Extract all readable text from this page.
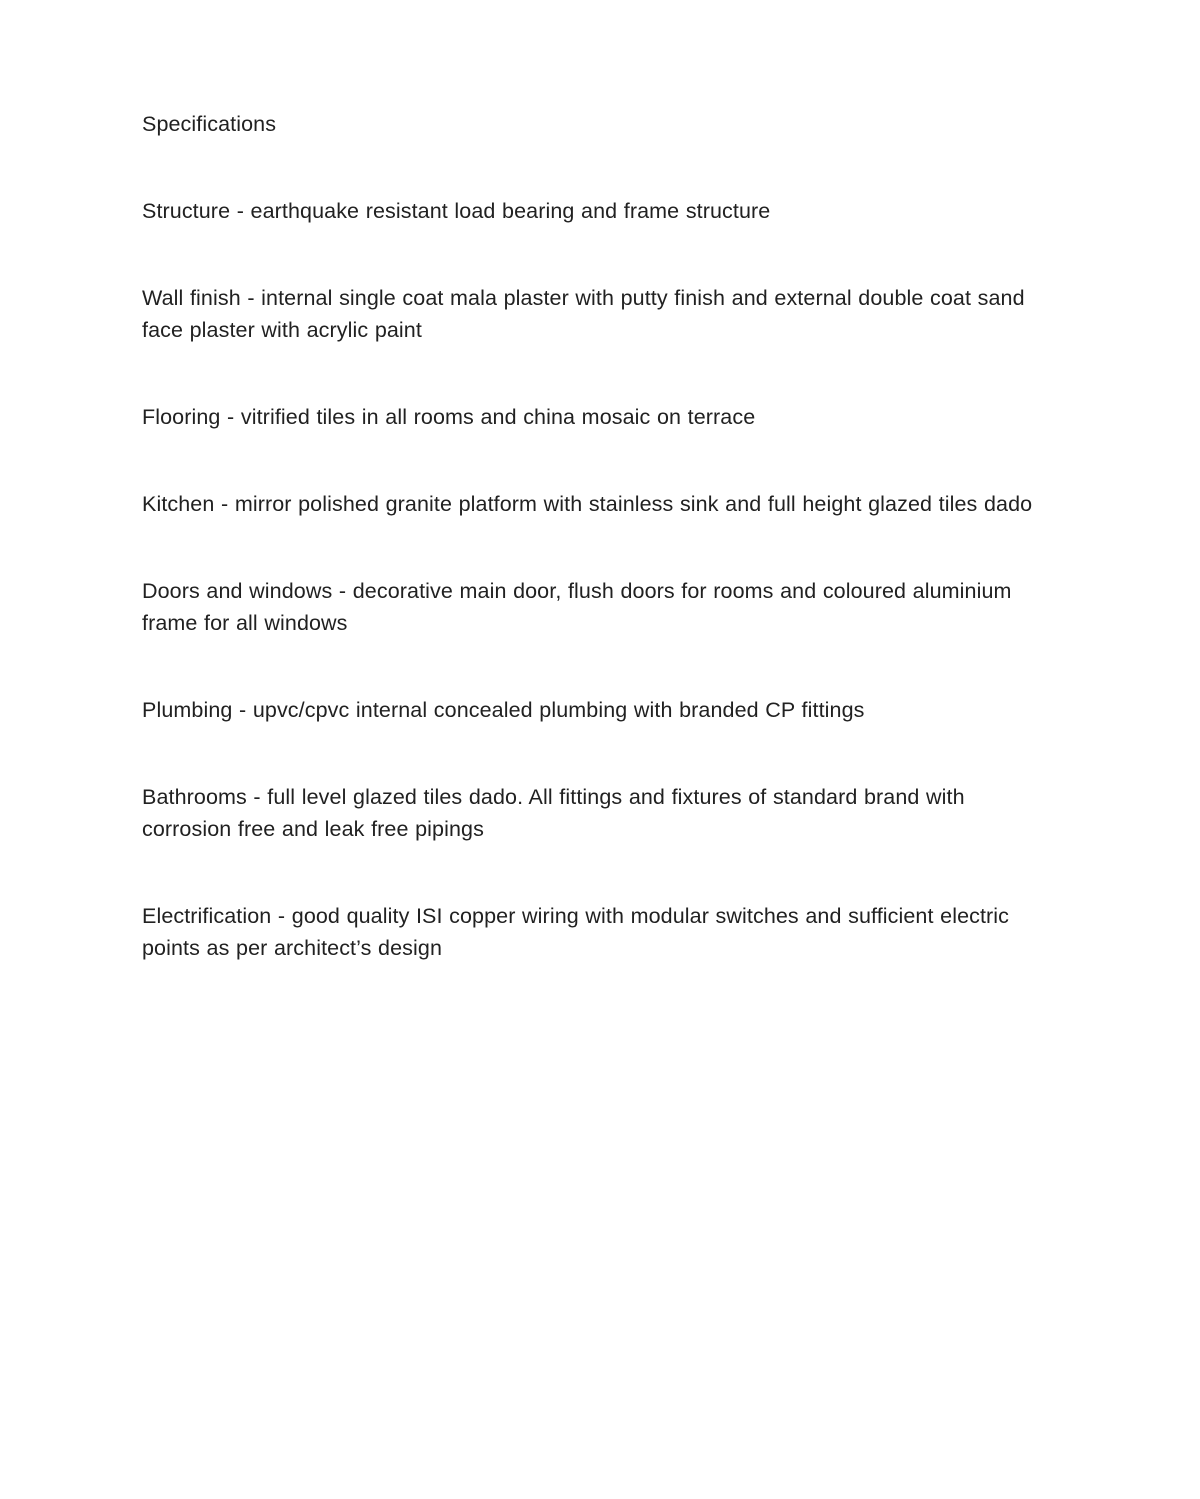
Specifications

Structure - earthquake resistant load bearing and frame structure

Wall finish - internal single coat mala plaster with putty finish and external double coat sand face plaster with acrylic paint

Flooring - vitrified tiles in all rooms and china mosaic on terrace

Kitchen - mirror polished granite platform with stainless sink and full height glazed tiles dado

Doors and windows - decorative main door, flush doors for rooms and coloured aluminium frame for all windows

Plumbing - upvc/cpvc internal concealed plumbing with branded CP fittings

Bathrooms - full level glazed tiles dado. All fittings and fixtures of standard brand with corrosion free and leak free pipings

Electrification - good quality ISI copper wiring with modular switches and sufficient electric points as per architect’s design
